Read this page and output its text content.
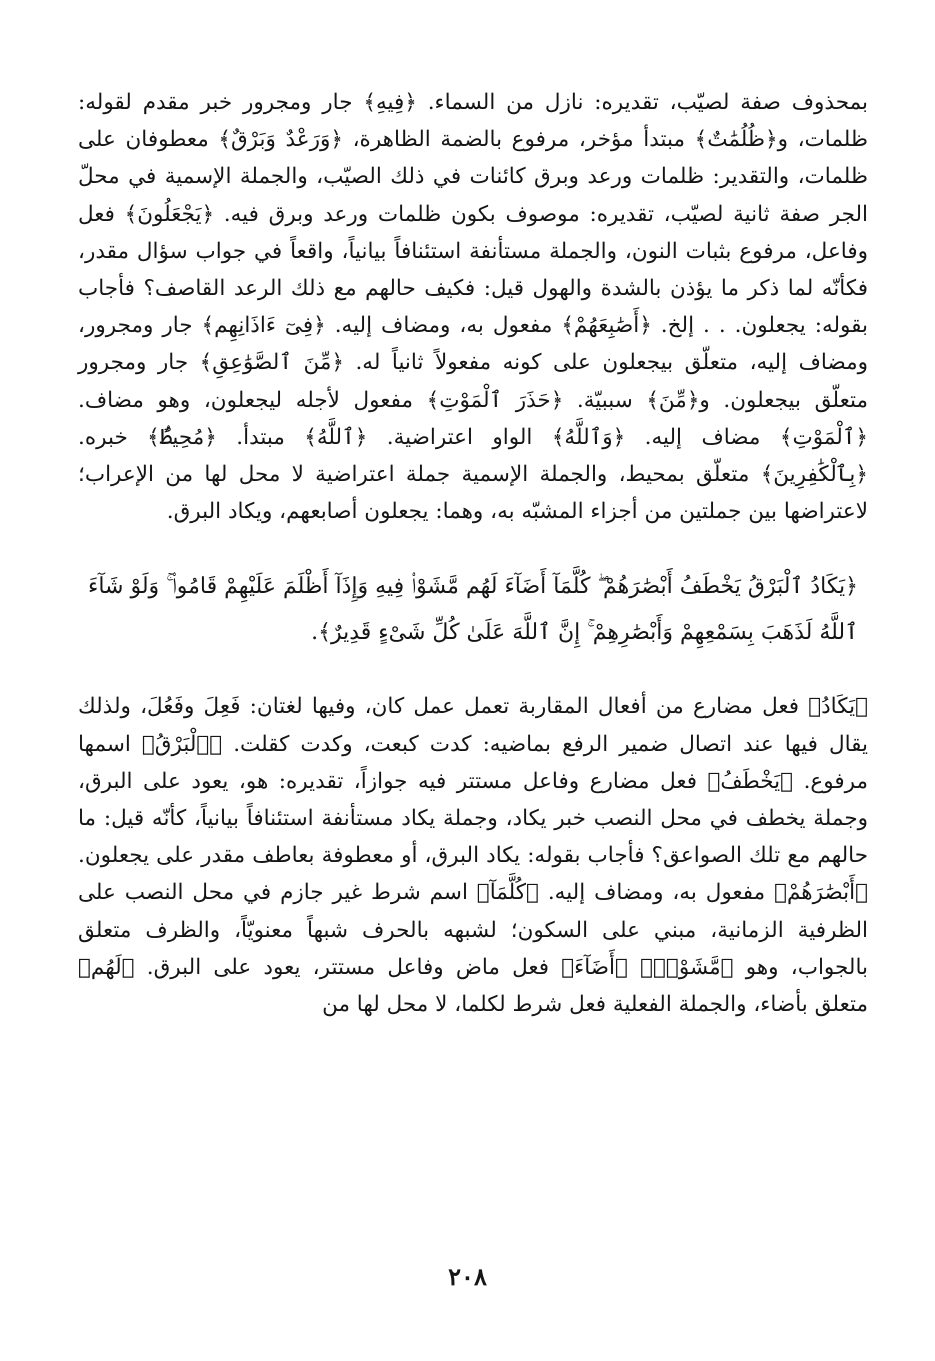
بمحذوف صفة لصيّب، تقديره: نازل من السماء. ﴿فِيهِ﴾ جار ومجرور خبر مقدم لقوله: ظلمات، و﴿ظُلُمَٰتٌ﴾ مبتدأ مؤخر، مرفوع بالضمة الظاهرة، ﴿وَرَعْدٌ وَبَرْقٌ﴾ معطوفان على ظلمات، والتقدير: ظلمات ورعد وبرق كائنات في ذلك الصيّب، والجملة الإسمية في محلّ الجر صفة ثانية لصيّب، تقديره: موصوف بكون ظلمات ورعد وبرق فيه. ﴿يَجْعَلُونَ﴾ فعل وفاعل، مرفوع بثبات النون، والجملة مستأنفة استئنافاً بيانياً، واقعاً في جواب سؤال مقدر، فكأنّه لما ذكر ما يؤذن بالشدة والهول قيل: فكيف حالهم مع ذلك الرعد القاصف؟ فأجاب بقوله: يجعلون. . . إلخ. ﴿أَصَٰبِعَهُمْ﴾ مفعول به، ومضاف إليه. ﴿فِىٓ ءَاذَانِهِم﴾ جار ومجرور، ومضاف إليه، متعلّق بيجعلون على كونه مفعولاً ثانياً له. ﴿مِّنَ ٱلصَّوَٰعِقِ﴾ جار ومجرور متعلّق بيجعلون. و﴿مِّنَ﴾ سببيّة. ﴿حَذَرَ ٱلْمَوْتِ﴾ مفعول لأجله ليجعلون، وهو مضاف. ﴿ٱلْمَوْتِ﴾ مضاف إليه. ﴿وَٱللَّهُ﴾ الواو اعتراضية. ﴿ٱللَّهُ﴾ مبتدأ. ﴿مُحِيطٌۢ﴾ خبره. ﴿بِٱلْكَٰفِرِينَ﴾ متعلّق بمحيط، والجملة الإسمية جملة اعتراضية لا محل لها من الإعراب؛ لاعتراضها بين جملتين من أجزاء المشبّه به، وهما: يجعلون أصابعهم، ويكاد البرق.

﴿يَكَادُ ٱلْبَرْقُ يَخْطَفُ أَبْصَٰرَهُمْ ۖ كُلَّمَآ أَضَآءَ لَهُم مَّشَوْا۟ فِيهِ وَإِذَآ أَظْلَمَ عَلَيْهِمْ قَامُوا۟ ۚ وَلَوْ شَآءَ ٱللَّهُ لَذَهَبَ بِسَمْعِهِمْ وَأَبْصَٰرِهِمْ ۚ إِنَّ ٱللَّهَ عَلَىٰ كُلِّ شَىْءٍ قَدِيرٌ﴾.

﴿يَكَادُ﴾ فعل مضارع من أفعال المقاربة تعمل عمل كان، وفيها لغتان: فَعِلَ وفَعُلَ، ولذلك يقال فيها عند اتصال ضمير الرفع بماضيه: كدت كبعت، وكدت كقلت. ﴿ٱلْبَرْقُ﴾ اسمها مرفوع. ﴿يَخْطَفُ﴾ فعل مضارع وفاعل مستتر فيه جوازاً، تقديره: هو، يعود على البرق، وجملة يخطف في محل النصب خبر يكاد، وجملة يكاد مستأنفة استئنافاً بيانياً، كأنّه قيل: ما حالهم مع تلك الصواعق؟ فأجاب بقوله: يكاد البرق، أو معطوفة بعاطف مقدر على يجعلون. ﴿أَبْصَٰرَهُمْ﴾ مفعول به، ومضاف إليه. ﴿كُلَّمَآ﴾ اسم شرط غير جازم في محل النصب على الظرفية الزمانية، مبني على السكون؛ لشبهه بالحرف شبهاً معنويّاً، والظرف متعلق بالجواب، وهو ﴿مَّشَوْا۟﴾ ﴿أَضَآءَ﴾ فعل ماض وفاعل مستتر، يعود على البرق. ﴿لَهُم﴾ متعلق بأضاء، والجملة الفعلية فعل شرط لكلما، لا محل لها من

٢٠٨
